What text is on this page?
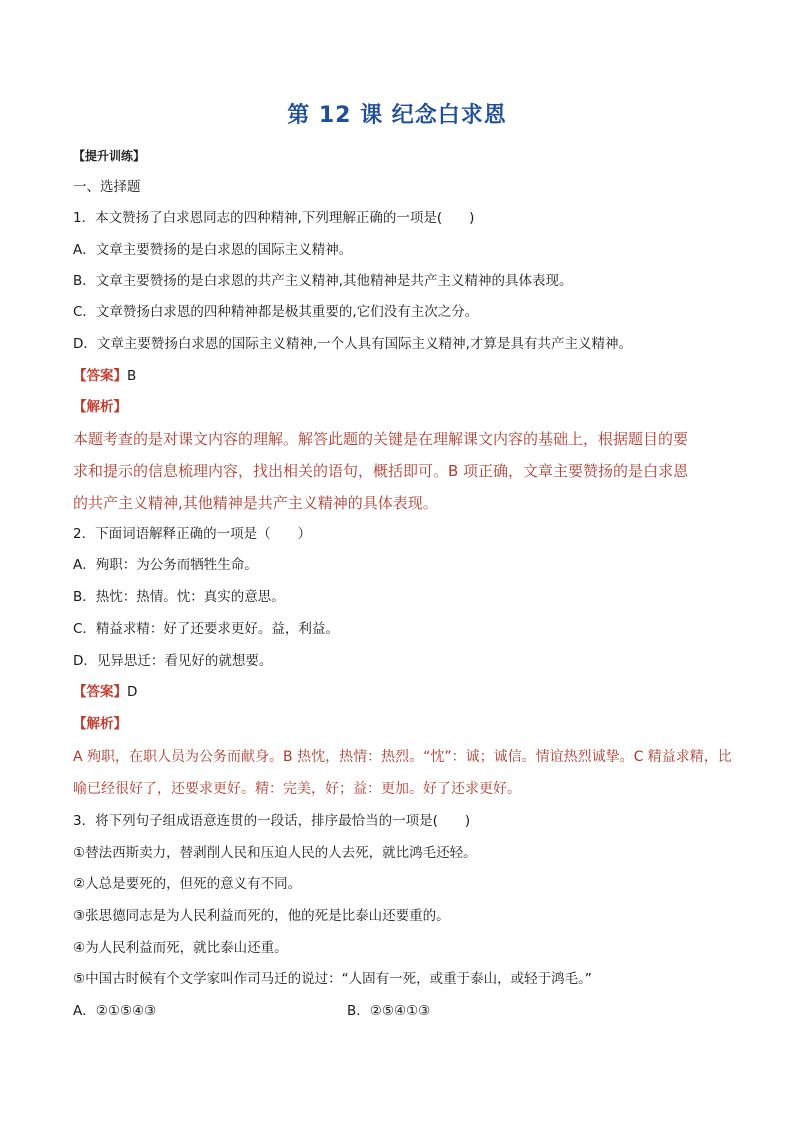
第 12 课 纪念白求恩
【提升训练】
一、选择题
1．本文赞扬了白求恩同志的四种精神,下列理解正确的一项是(　　)
A．文章主要赞扬的是白求恩的国际主义精神。
B．文章主要赞扬的是白求恩的共产主义精神,其他精神是共产主义精神的具体表现。
C．文章赞扬白求恩的四种精神都是极其重要的,它们没有主次之分。
D．文章主要赞扬白求恩的国际主义精神,一个人具有国际主义精神,才算是具有共产主义精神。
【答案】B
【解析】
本题考查的是对课文内容的理解。解答此题的关键是在理解课文内容的基础上，根据题目的要
求和提示的信息梳理内容，找出相关的语句，概括即可。B 项正确，文章主要赞扬的是白求恩
的共产主义精神,其他精神是共产主义精神的具体表现。
2．下面词语解释正确的一项是（　　）
A．殉职：为公务而牺牲生命。
B．热忱：热情。忱：真实的意思。
C．精益求精：好了还要求更好。益，利益。
D．见异思迁：看见好的就想要。
【答案】D
【解析】
A 殉职，在职人员为公务而献身。B 热忱，热情：热烈。“忱”：诚；诚信。情谊热烈诚挚。C 精益求精，比
喻已经很好了，还要求更好。精：完美，好；益：更加。好了还求更好。
3．将下列句子组成语意连贯的一段话，排序最恰当的一项是(　　)
①替法西斯卖力，替剥削人民和压迫人民的人去死，就比鸿毛还轻。
②人总是要死的，但死的意义有不同。
③张思德同志是为人民利益而死的，他的死是比泰山还要重的。
④为人民利益而死，就比泰山还重。
⑤中国古时候有个文学家叫作司马迁的说过：“人固有一死，或重于泰山，或轻于鸿毛。”
A．②①⑤④③	B．②⑤④①③
